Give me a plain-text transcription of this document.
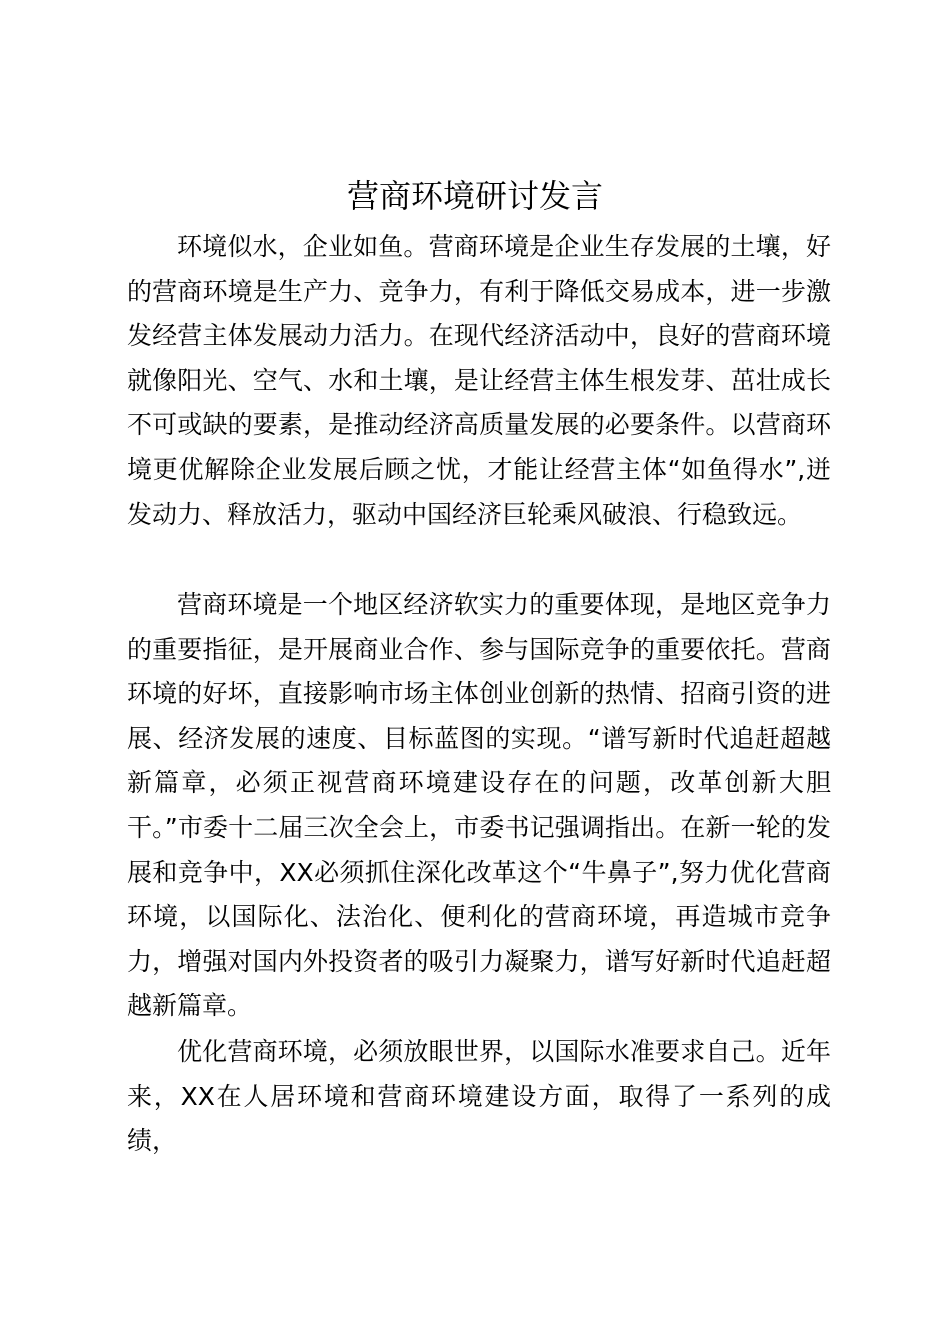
营商环境研讨发言

环境似水，企业如鱼。营商环境是企业生存发展的土壤，好的营商环境是生产力、竞争力，有利于降低交易成本，进一步激发经营主体发展动力活力。在现代经济活动中，良好的营商环境就像阳光、空气、水和土壤，是让经营主体生根发芽、茁壮成长不可或缺的要素，是推动经济高质量发展的必要条件。以营商环境更优解除企业发展后顾之忧，才能让经营主体“如鱼得水”,迸发动力、释放活力，驱动中国经济巨轮乘风破浪、行稳致远。

营商环境是一个地区经济软实力的重要体现，是地区竞争力的重要指征，是开展商业合作、参与国际竞争的重要依托。营商环境的好坏，直接影响市场主体创业创新的热情、招商引资的进展、经济发展的速度、目标蓝图的实现。“谱写新时代追赶超越新篇章，必须正视营商环境建设存在的问题，改革创新大胆干。”市委十二届三次全会上，市委书记强调指出。在新一轮的发展和竞争中，XX必须抓住深化改革这个“牛鼻子”,努力优化营商环境，以国际化、法治化、便利化的营商环境，再造城市竞争力，增强对国内外投资者的吸引力凝聚力，谱写好新时代追赶超越新篇章。

优化营商环境，必须放眼世界，以国际水准要求自己。近年来，XX在人居环境和营商环境建设方面，取得了一系列的成绩，
